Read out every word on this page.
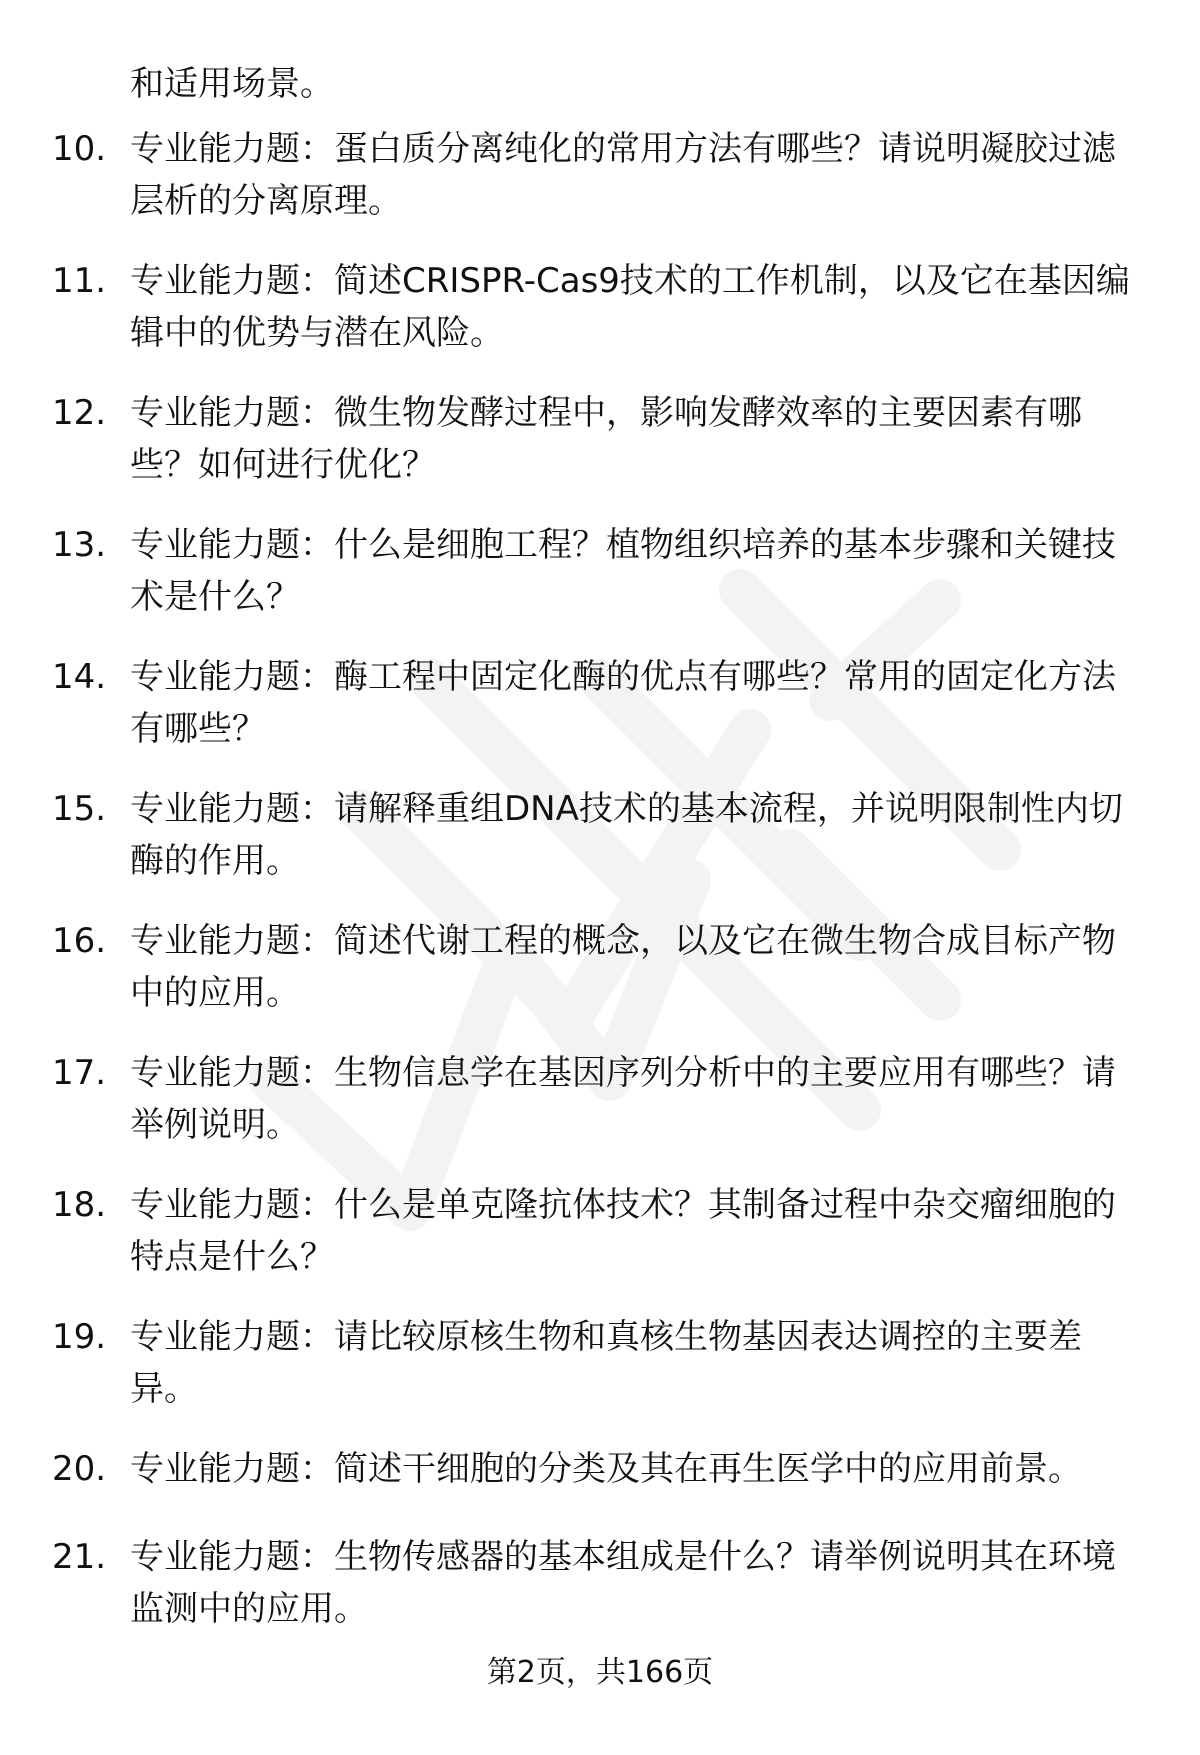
和适用场景。

10. 专业能力题：蛋白质分离纯化的常用方法有哪些？请说明凝胶过滤层析的分离原理。
11. 专业能力题：简述CRISPR-Cas9技术的工作机制，以及它在基因编辑中的优势与潜在风险。
12. 专业能力题：微生物发酵过程中，影响发酵效率的主要因素有哪些？如何进行优化？
13. 专业能力题：什么是细胞工程？植物组织培养的基本步骤和关键技术是什么？
14. 专业能力题：酶工程中固定化酶的优点有哪些？常用的固定化方法有哪些？
15. 专业能力题：请解释重组DNA技术的基本流程，并说明限制性内切酶的作用。
16. 专业能力题：简述代谢工程的概念，以及它在微生物合成目标产物中的应用。
17. 专业能力题：生物信息学在基因序列分析中的主要应用有哪些？请举例说明。
18. 专业能力题：什么是单克隆抗体技术？其制备过程中杂交瘤细胞的特点是什么？
19. 专业能力题：请比较原核生物和真核生物基因表达调控的主要差异。
20. 专业能力题：简述干细胞的分类及其在再生医学中的应用前景。
21. 专业能力题：生物传感器的基本组成是什么？请举例说明其在环境监测中的应用。
第2页，共166页
